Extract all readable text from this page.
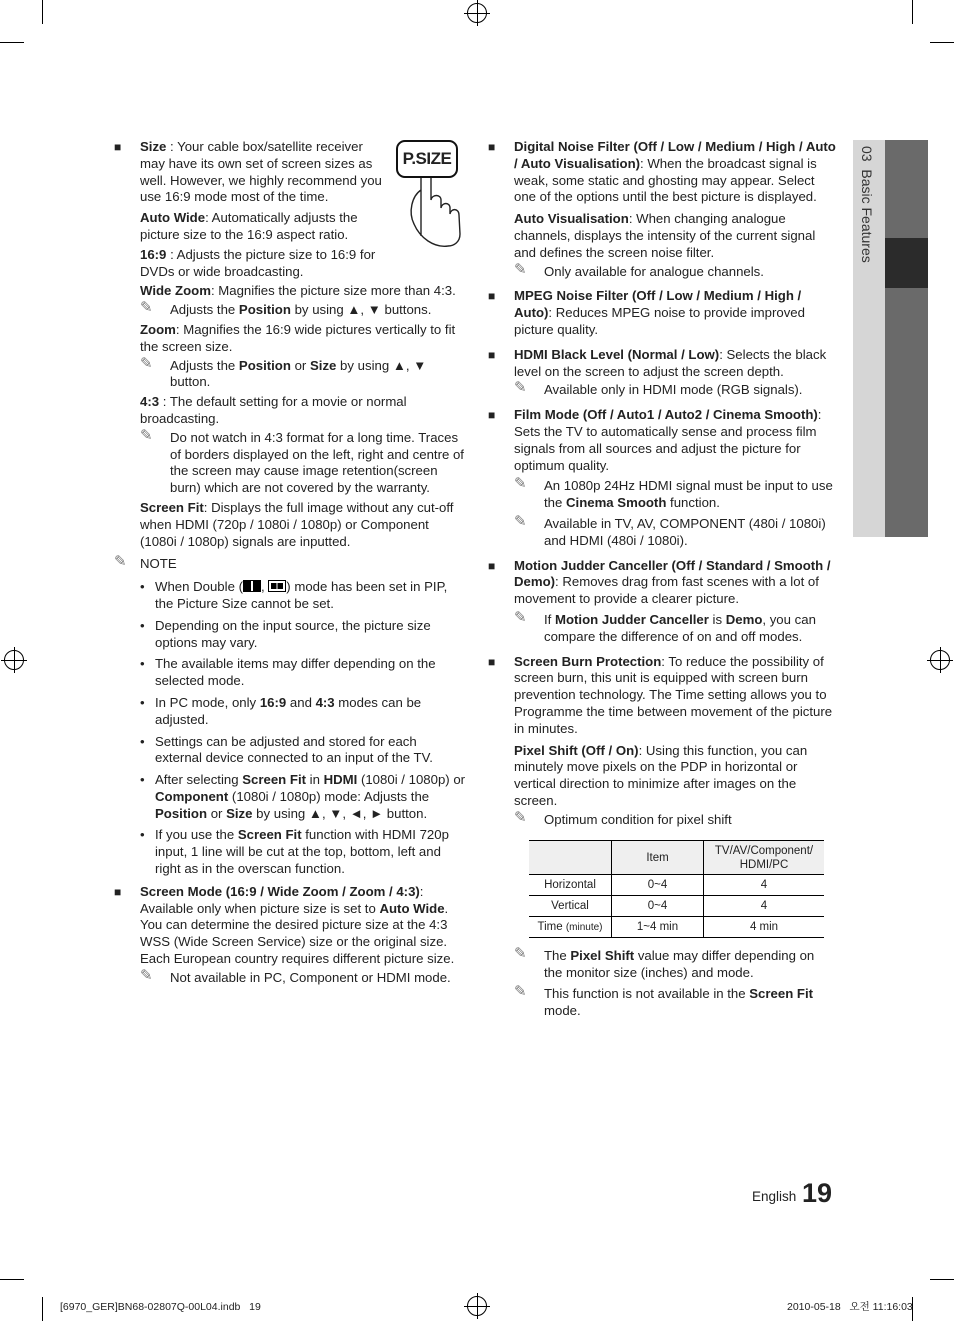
03  Basic Features
P.SIZE
■ Size : Your cable box/satellite receiver may have its own set of screen sizes as well. However, we highly recommend you use 16:9 mode most of the time.
Auto Wide: Automatically adjusts the picture size to the 16:9 aspect ratio.
16:9 : Adjusts the picture size to 16:9 for DVDs or wide broadcasting.
Wide Zoom: Magnifies the picture size more than 4:3.
✎ Adjusts the Position by using ▲, ▼ buttons.
Zoom: Magnifies the 16:9 wide pictures vertically to fit the screen size.
✎ Adjusts the Position or Size by using ▲, ▼ button.
4:3 : The default setting for a movie or normal broadcasting.
✎ Do not watch in 4:3 format for a long time. Traces of borders displayed on the left, right and centre of the screen may cause image retention(screen burn) which are not covered by the warranty.
Screen Fit: Displays the full image without any cut-off when HDMI (720p / 1080i / 1080p) or Component (1080i / 1080p) signals are inputted.
✎ NOTE
• When Double ( ,
) mode has been set in PIP, the Picture Size cannot be set.
• Depending on the input source, the picture size options may vary.
• The available items may differ depending on the selected mode.
• In PC mode, only 16:9 and 4:3 modes can be adjusted.
• Settings can be adjusted and stored for each external device connected to an input of the TV.
• After selecting Screen Fit in HDMI (1080i / 1080p) or Component (1080i / 1080p) mode: Adjusts the Position or Size by using ▲, ▼, ◄, ► button.
• If you use the Screen Fit function with HDMI 720p input, 1 line will be cut at the top, bottom, left and right as in the overscan function.
■ Screen Mode (16:9 / Wide Zoom / Zoom / 4:3): Available only when picture size is set to Auto Wide. You can determine the desired picture size at the 4:3 WSS (Wide Screen Service) size or the original size. Each European country requires different picture size.
✎ Not available in PC, Component or HDMI mode.
■ Digital Noise Filter (Off / Low / Medium / High / Auto / Auto Visualisation): When the broadcast signal is weak, some static and ghosting may appear. Select one of the options until the best picture is displayed.
Auto Visualisation: When changing analogue channels, displays the intensity of the current signal and defines the screen noise filter.
✎ Only available for analogue channels.
■ MPEG Noise Filter (Off / Low / Medium / High / Auto): Reduces MPEG noise to provide improved picture quality.
■ HDMI Black Level (Normal / Low): Selects the black level on the screen to adjust the screen depth.
✎ Available only in HDMI mode (RGB signals).
■ Film Mode (Off / Auto1 / Auto2 / Cinema Smooth): Sets the TV to automatically sense and process film signals from all sources and adjust the picture for optimum quality.
✎ An 1080p 24Hz HDMI signal must be input to use the Cinema Smooth function.
✎ Available in TV, AV, COMPONENT (480i / 1080i) and HDMI (480i / 1080i).
■ Motion Judder Canceller (Off / Standard / Smooth / Demo): Removes drag from fast scenes with a lot of movement to provide a clearer picture.
✎ If Motion Judder Canceller is Demo, you can compare the difference of on and off modes.
■ Screen Burn Protection: To reduce the possibility of screen burn, this unit is equipped with screen burn prevention technology. The Time setting allows you to Programme the time between movement of the picture in minutes.
Pixel Shift (Off / On): Using this function, you can minutely move pixels on the PDP in horizontal or vertical direction to minimize after images on the screen.
✎ Optimum condition for pixel shift
	Item	TV/AV/Component/ HDMI/PC
Horizontal	0~4	4
Vertical	0~4	4
Time (minute)	1~4 min	4 min
✎ The Pixel Shift value may differ depending on the monitor size (inches) and mode.
✎ This function is not available in the Screen Fit mode.
English 19
[6970_GER]BN68-02807Q-00L04.indb   19	2010-05-18   오전 11:16:03
